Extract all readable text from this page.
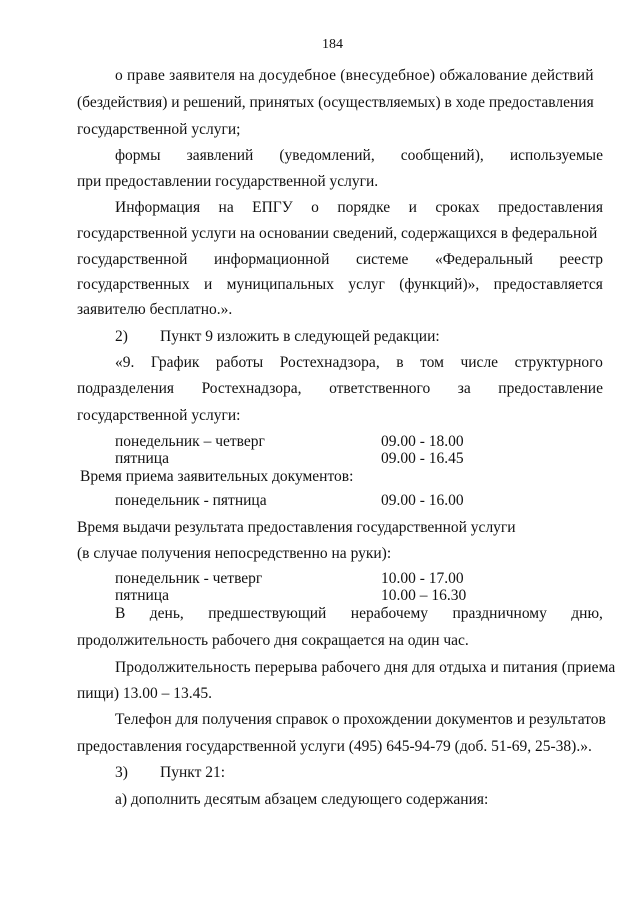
184
о праве заявителя на досудебное (внесудебное) обжалование действий
(бездействия) и решений, принятых (осуществляемых) в ходе предоставления
государственной услуги;
формы заявлений (уведомлений, сообщений), используемые
при предоставлении государственной услуги.
Информация на ЕПГУ о порядке и сроках предоставления
государственной услуги на основании сведений, содержащихся в федеральной
государственной информационной системе «Федеральный реестр
государственных и муниципальных услуг (функций)», предоставляется
заявителю бесплатно.».
2) Пункт 9 изложить в следующей редакции:
«9. График работы Ростехнадзора, в том числе структурного
подразделения Ростехнадзора, ответственного за предоставление
государственной услуги:
понедельник – четверг	09.00 - 18.00
пятница	09.00 - 16.45
Время приема заявительных документов:
понедельник - пятница	09.00 - 16.00
Время выдачи результата предоставления государственной услуги
(в случае получения непосредственно на руки):
понедельник - четверг	10.00 - 17.00
пятница	10.00 – 16.30
В день, предшествующий нерабочему праздничному дню,
продолжительность рабочего дня сокращается на один час.
Продолжительность перерыва рабочего дня для отдыха и питания (приема
пищи) 13.00 – 13.45.
Телефон для получения справок о прохождении документов и результатов
предоставления государственной услуги (495) 645-94-79 (доб. 51-69, 25-38).».
3) Пункт 21:
а) дополнить десятым абзацем следующего содержания:
